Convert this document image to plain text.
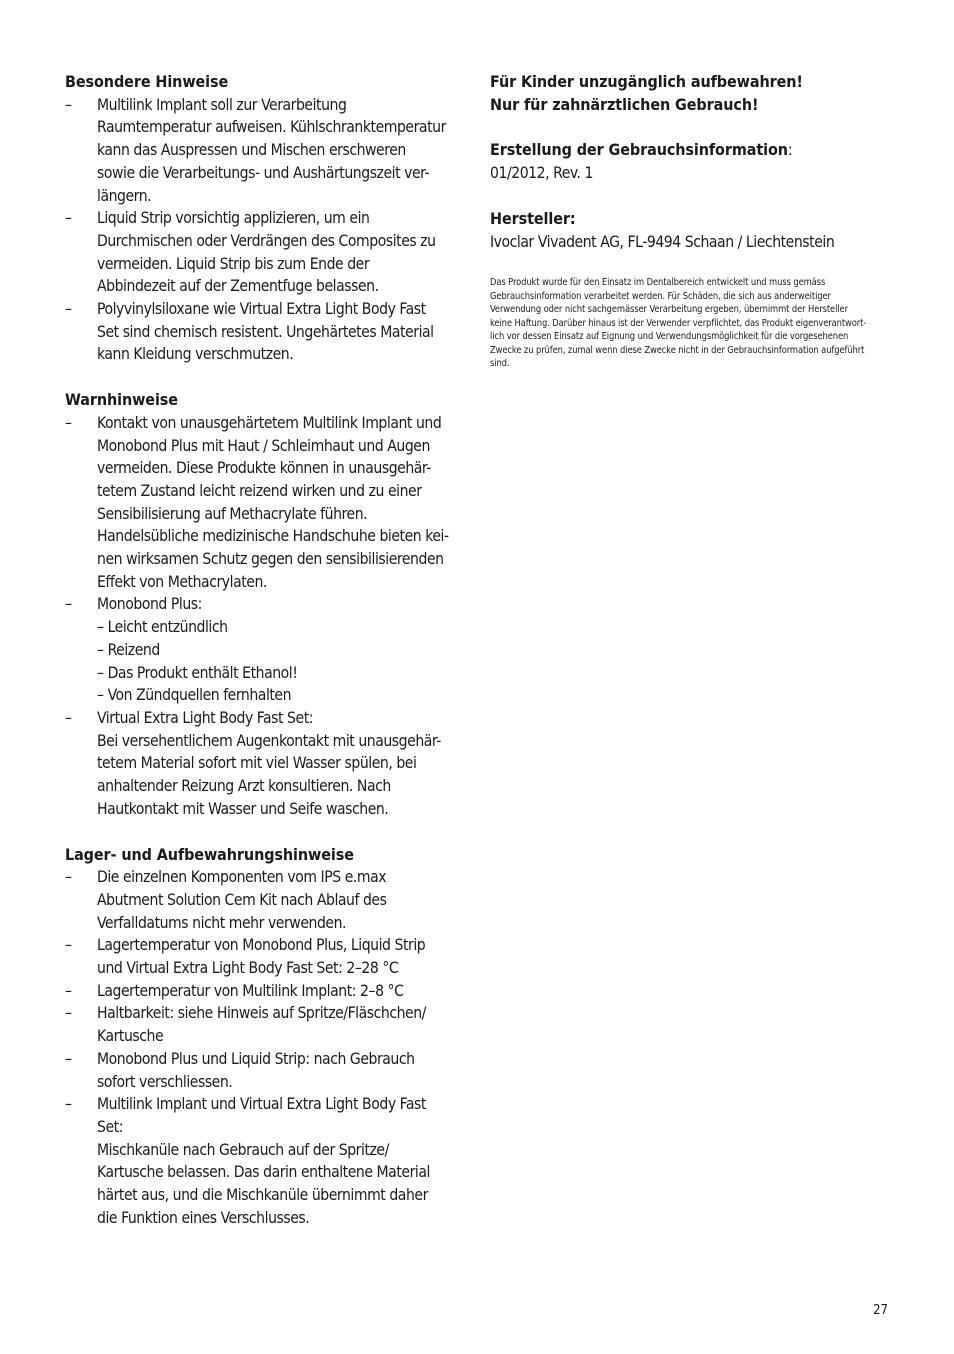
Besondere Hinweise
– Multilink Implant soll zur Verarbeitung
Raumtemperatur aufweisen. Kühlschranktemperatur
kann das Auspressen und Mischen erschweren
sowie die Verarbeitungs- und Aushärtungszeit ver-
längern.
– Liquid Strip vorsichtig applizieren, um ein
Durchmischen oder Verdrängen des Composites zu
vermeiden. Liquid Strip bis zum Ende der
Abbindezeit auf der Zementfuge belassen.
– Polyvinylsiloxane wie Virtual Extra Light Body Fast
Set sind chemisch resistent. Ungehärtetes Material
kann Kleidung verschmutzen.
Warnhinweise
– Kontakt von unausgehärtetem Multilink Implant und
Monobond Plus mit Haut / Schleimhaut und Augen
vermeiden. Diese Produkte können in unausgehär-
tetem Zustand leicht reizend wirken und zu einer
Sensibilisierung auf Methacrylate führen.
Handelsübliche medizinische Handschuhe bieten kei-
nen wirksamen Schutz gegen den sensibilisierenden
Effekt von Methacrylaten.
– Monobond Plus:
– Leicht entzündlich
– Reizend
– Das Produkt enthält Ethanol!
– Von Zündquellen fernhalten
– Virtual Extra Light Body Fast Set:
Bei versehentlichem Augenkontakt mit unausgehär-
tetem Material sofort mit viel Wasser spülen, bei
anhaltender Reizung Arzt konsultieren. Nach
Hautkontakt mit Wasser und Seife waschen.
Lager- und Aufbewahrungshinweise
– Die einzelnen Komponenten vom IPS e.max
Abutment Solution Cem Kit nach Ablauf des
Verfalldatums nicht mehr verwenden.
– Lagertemperatur von Monobond Plus, Liquid Strip
und Virtual Extra Light Body Fast Set: 2–28 °C
– Lagertemperatur von Multilink Implant: 2–8 °C
– Haltbarkeit: siehe Hinweis auf Spritze/Fläschchen/
Kartusche
– Monobond Plus und Liquid Strip: nach Gebrauch
sofort verschliessen.
– Multilink Implant und Virtual Extra Light Body Fast
Set:
Mischkanüle nach Gebrauch auf der Spritze/
Kartusche belassen. Das darin enthaltene Material
härtet aus, und die Mischkanüle übernimmt daher
die Funktion eines Verschlusses.
Für Kinder unzugänglich aufbewahren!
Nur für zahnärztlichen Gebrauch!
Erstellung der Gebrauchsinformation:
01/2012, Rev. 1
Hersteller:
Ivoclar Vivadent AG, FL-9494 Schaan / Liechtenstein
Das Produkt wurde für den Einsatz im Dentalbereich entwickelt und muss gemäss
Gebrauchsinformation verarbeitet werden. Für Schäden, die sich aus anderweitiger
Verwendung oder nicht sachgemässer Verarbeitung ergeben, übernimmt der Hersteller
keine Haftung. Darüber hinaus ist der Verwender verpflichtet, das Produkt eigenverantwort-
lich vor dessen Einsatz auf Eignung und Verwendungsmöglichkeit für die vorgesehenen
Zwecke zu prüfen, zumal wenn diese Zwecke nicht in der Gebrauchsinformation aufgeführt
sind.
27
